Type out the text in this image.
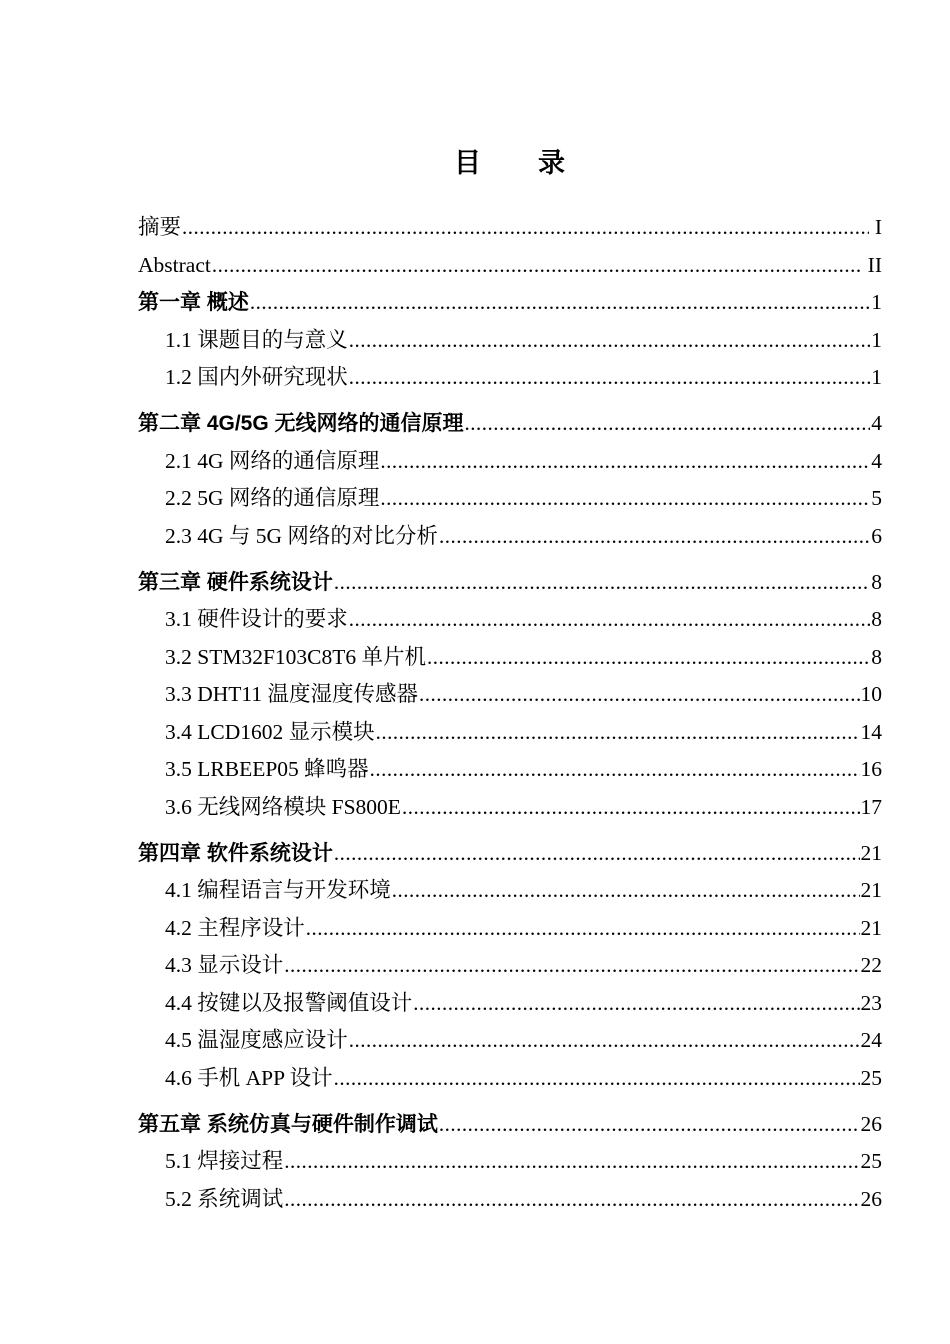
目　　录
摘要 .....	I
Abstract .....	II
第一章 概述 .....	1
1.1 课题目的与意义 .....	1
1.2 国内外研究现状 .....	1
第二章 4G/5G 无线网络的通信原理 .....	4
2.1 4G 网络的通信原理 .....	4
2.2 5G 网络的通信原理 .....	5
2.3 4G 与 5G 网络的对比分析 .....	6
第三章 硬件系统设计 .....	8
3.1 硬件设计的要求 .....	8
3.2 STM32F103C8T6 单片机 .....	8
3.3 DHT11 温度湿度传感器 .....	10
3.4 LCD1602 显示模块 .....	14
3.5 LRBEEP05 蜂鸣器 .....	16
3.6 无线网络模块 FS800E .....	17
第四章 软件系统设计 .....	21
4.1 编程语言与开发环境 .....	21
4.2 主程序设计 .....	21
4.3 显示设计 .....	22
4.4 按键以及报警阈值设计 .....	23
4.5 温湿度感应设计 .....	24
4.6 手机 APP 设计 .....	25
第五章 系统仿真与硬件制作调试 .....	26
5.1 焊接过程 .....	25
5.2 系统调试 .....	26
